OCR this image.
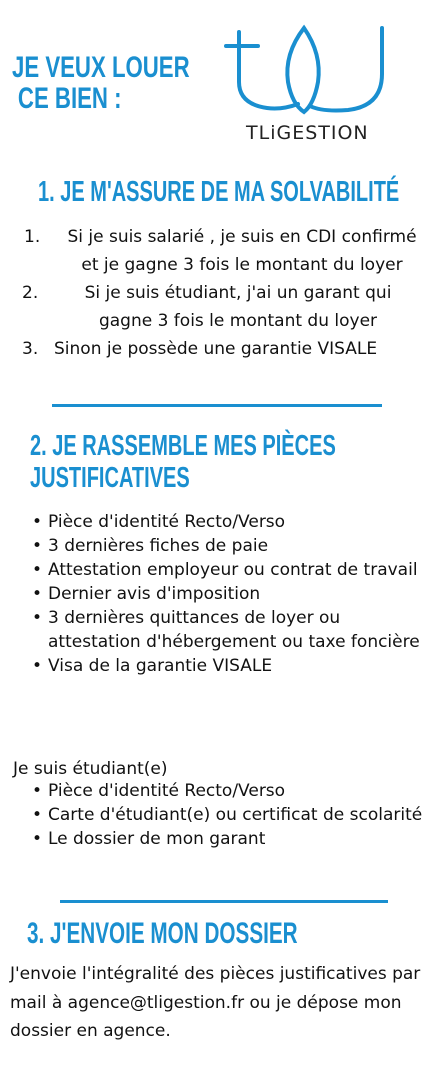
JE VEUX LOUER
CE BIEN :
TLiGESTION
1. JE M'ASSURE DE MA SOLVABILITÉ
1.	Si je suis salarié , je suis en CDI confirmé et je gagne 3 fois le montant du loyer
2.	Si je suis étudiant, j'ai un garant qui gagne 3 fois le montant du loyer
3. Sinon je possède une garantie VISALE
2. JE RASSEMBLE MES PIÈCES
JUSTIFICATIVES
• Pièce d'identité Recto/Verso
• 3 dernières fiches de paie
• Attestation employeur ou contrat de travail
• Dernier avis d'imposition
• 3 dernières quittances de loyer ou attestation d'hébergement ou taxe foncière
• Visa de la garantie VISALE
Je suis étudiant(e)
• Pièce d'identité Recto/Verso
• Carte d'étudiant(e) ou certificat de scolarité
• Le dossier de mon garant
3. J'ENVOIE MON DOSSIER
J'envoie l'intégralité des pièces justificatives par mail à agence@tligestion.fr ou je dépose mon dossier en agence.
